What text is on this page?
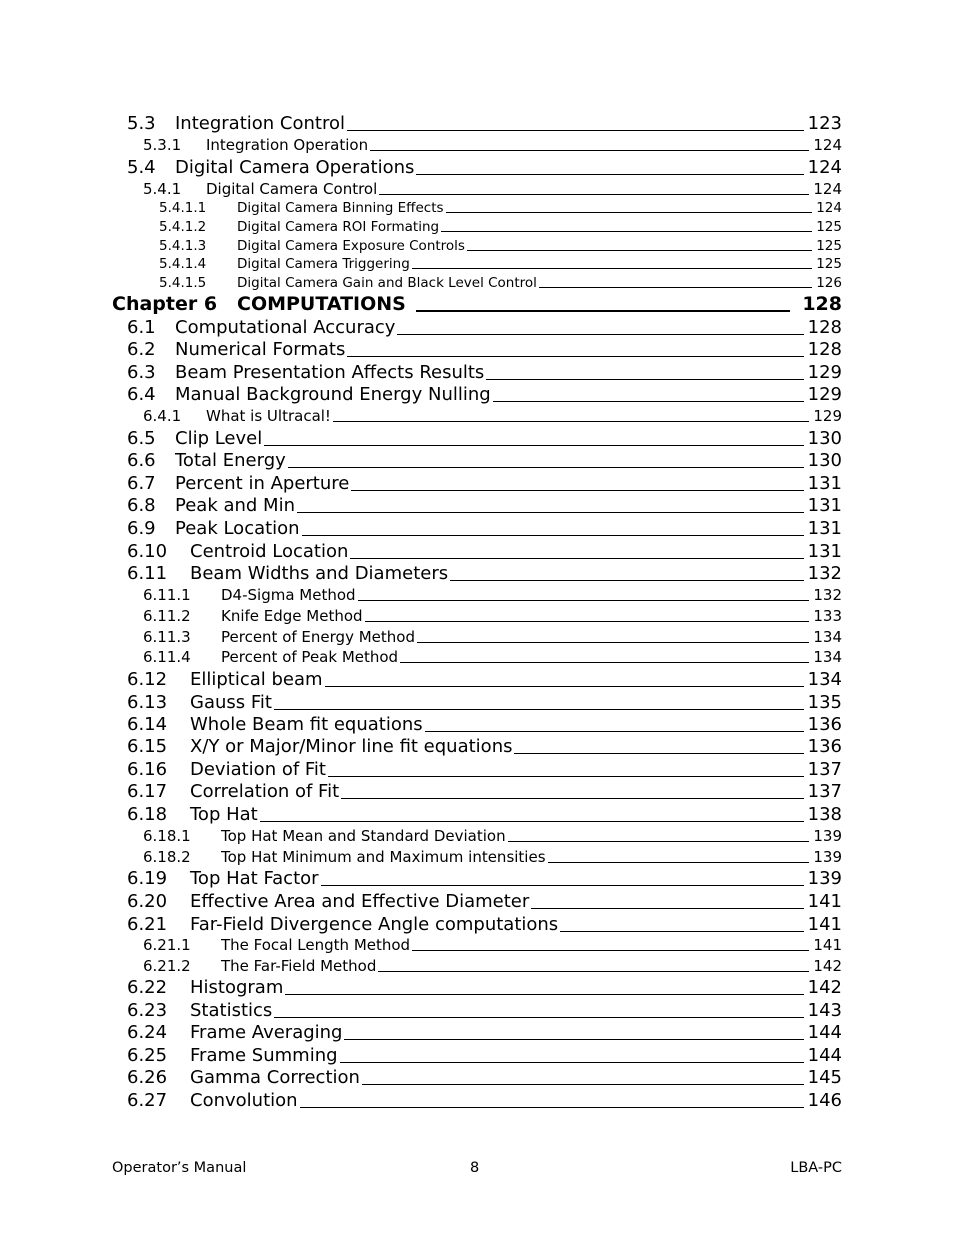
5.3	Integration Control	123
5.3.1	Integration Operation	124
5.4	Digital Camera Operations	124
5.4.1	Digital Camera Control	124
5.4.1.1	Digital Camera Binning Effects	124
5.4.1.2	Digital Camera ROI Formating	125
5.4.1.3	Digital Camera Exposure Controls	125
5.4.1.4	Digital Camera Triggering	125
5.4.1.5	Digital Camera Gain and Black Level Control	126
Chapter 6	COMPUTATIONS	128
6.1	Computational Accuracy	128
6.2	Numerical Formats	128
6.3	Beam Presentation Affects Results	129
6.4	Manual Background Energy Nulling	129
6.4.1	What is Ultracal!	129
6.5	Clip Level	130
6.6	Total Energy	130
6.7	Percent in Aperture	131
6.8	Peak and Min	131
6.9	Peak Location	131
6.10	Centroid Location	131
6.11	Beam Widths and Diameters	132
6.11.1	D4-Sigma Method	132
6.11.2	Knife Edge Method	133
6.11.3	Percent of Energy Method	134
6.11.4	Percent of Peak Method	134
6.12	Elliptical beam	134
6.13	Gauss Fit	135
6.14	Whole Beam fit equations	136
6.15	X/Y or Major/Minor line fit equations	136
6.16	Deviation of Fit	137
6.17	Correlation of Fit	137
6.18	Top Hat	138
6.18.1	Top Hat Mean and Standard Deviation	139
6.18.2	Top Hat Minimum and Maximum intensities	139
6.19	Top Hat Factor	139
6.20	Effective Area and Effective Diameter	141
6.21	Far-Field Divergence Angle computations	141
6.21.1	The Focal Length Method	141
6.21.2	The Far-Field Method	142
6.22	Histogram	142
6.23	Statistics	143
6.24	Frame Averaging	144
6.25	Frame Summing	144
6.26	Gamma Correction	145
6.27	Convolution	146
Operator’s Manual	8	LBA-PC
